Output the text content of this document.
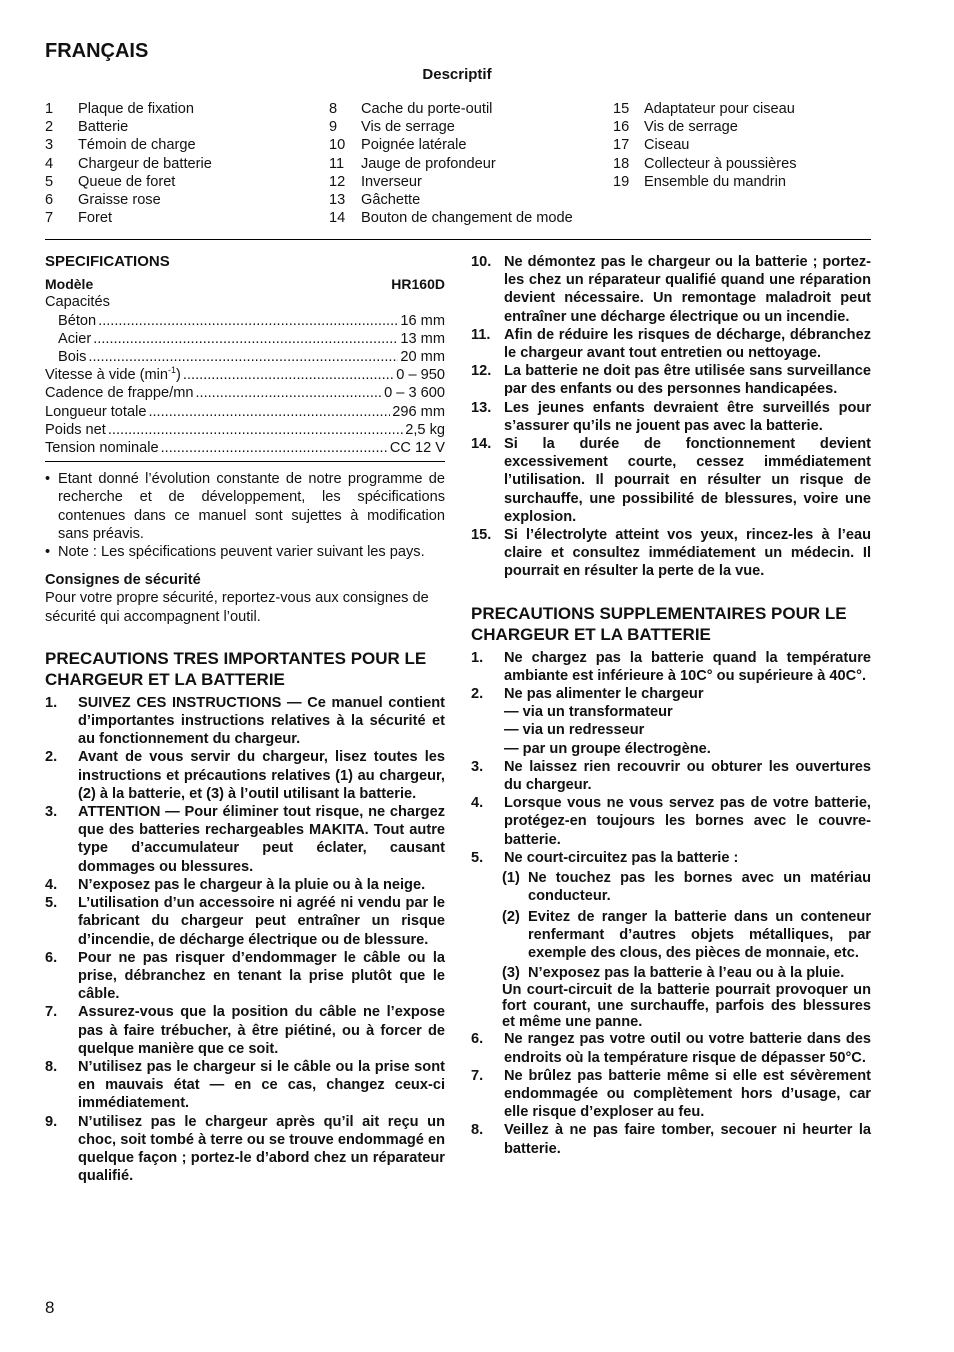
FRANÇAIS
Descriptif
1	Plaque de fixation
2	Batterie
3	Témoin de charge
4	Chargeur de batterie
5	Queue de foret
6	Graisse rose
7	Foret
8	Cache du porte-outil
9	Vis de serrage
10	Poignée latérale
11	Jauge de profondeur
12	Inverseur
13	Gâchette
14	Bouton de changement de mode
15	Adaptateur pour ciseau
16	Vis de serrage
17	Ciseau
18	Collecteur à poussières
19	Ensemble du mandrin
SPECIFICATIONS
Modèle	HR160D
Capacités
Béton .....	16 mm
Acier .....	13 mm
Bois .....	20 mm
Vitesse à vide $(\min^{-1})$ .....	0 – 950
Cadence de frappe/mn .....	0 – 3 600
Longueur totale .....	296 mm
Poids net .....	2,5 kg
Tension nominale .....	CC 12 V
• Etant donné l’évolution constante de notre programme de recherche et de développement, les spécifications contenues dans ce manuel sont sujettes à modification sans préavis.
• Note : Les spécifications peuvent varier suivant les pays.
Consignes de sécurité
Pour votre propre sécurité, reportez-vous aux consignes de sécurité qui accompagnent l’outil.
PRECAUTIONS TRES IMPORTANTES POUR LE CHARGEUR ET LA BATTERIE
1.	SUIVEZ CES INSTRUCTIONS — Ce manuel contient d’importantes instructions relatives à la sécurité et au fonctionnement du chargeur.
2.	Avant de vous servir du chargeur, lisez toutes les instructions et précautions relatives (1) au chargeur, (2) à la batterie, et (3) à l’outil utilisant la batterie.
3.	ATTENTION — Pour éliminer tout risque, ne chargez que des batteries rechargeables MAKITA. Tout autre type d’accumulateur peut éclater, causant dommages ou blessures.
4.	N’exposez pas le chargeur à la pluie ou à la neige.
5.	L’utilisation d’un accessoire ni agréé ni vendu par le fabricant du chargeur peut entraîner un risque d’incendie, de décharge électrique ou de blessure.
6.	Pour ne pas risquer d’endommager le câble ou la prise, débranchez en tenant la prise plutôt que le câble.
7.	Assurez-vous que la position du câble ne l’expose pas à faire trébucher, à être piétiné, ou à forcer de quelque manière que ce soit.
8.	N’utilisez pas le chargeur si le câble ou la prise sont en mauvais état — en ce cas, changez ceux-ci immédiatement.
9.	N’utilisez pas le chargeur après qu’il ait reçu un choc, soit tombé à terre ou se trouve endommagé en quelque façon ; portez-le d’abord chez un réparateur qualifié.
10. Ne démontez pas le chargeur ou la batterie ; portez-les chez un réparateur qualifié quand une réparation devient nécessaire. Un remontage maladroit peut entraîner une décharge électrique ou un incendie.
11. Afin de réduire les risques de décharge, débranchez le chargeur avant tout entretien ou nettoyage.
12. La batterie ne doit pas être utilisée sans surveillance par des enfants ou des personnes handicapées.
13. Les jeunes enfants devraient être surveillés pour s’assurer qu’ils ne jouent pas avec la batterie.
14. Si la durée de fonctionnement devient excessivement courte, cessez immédiatement l’utilisation. Il pourrait en résulter un risque de surchauffe, une possibilité de blessures, voire une explosion.
15. Si l’électrolyte atteint vos yeux, rincez-les à l’eau claire et consultez immédiatement un médecin. Il pourrait en résulter la perte de la vue.
PRECAUTIONS SUPPLEMENTAIRES POUR LE CHARGEUR ET LA BATTERIE
1.	Ne chargez pas la batterie quand la température ambiante est inférieure à 10C° ou supérieure à 40C°.
2.	Ne pas alimenter le chargeur
— via un transformateur
— via un redresseur
— par un groupe électrogène.
3.	Ne laissez rien recouvrir ou obturer les ouvertures du chargeur.
4.	Lorsque vous ne vous servez pas de votre batterie, protégez-en toujours les bornes avec le couvre-batterie.
5.	Ne court-circuitez pas la batterie :
(1) Ne touchez pas les bornes avec un matériau conducteur.
(2) Evitez de ranger la batterie dans un conteneur renfermant d’autres objets métalliques, par exemple des clous, des pièces de monnaie, etc.
(3) N’exposez pas la batterie à l’eau ou à la pluie.
Un court-circuit de la batterie pourrait provoquer un fort courant, une surchauffe, parfois des blessures et même une panne.
6.	Ne rangez pas votre outil ou votre batterie dans des endroits où la température risque de dépasser 50°C.
7.	Ne brûlez pas batterie même si elle est sévèrement endommagée ou complètement hors d’usage, car elle risque d’exploser au feu.
8.	Veillez à ne pas faire tomber, secouer ni heurter la batterie.
8
